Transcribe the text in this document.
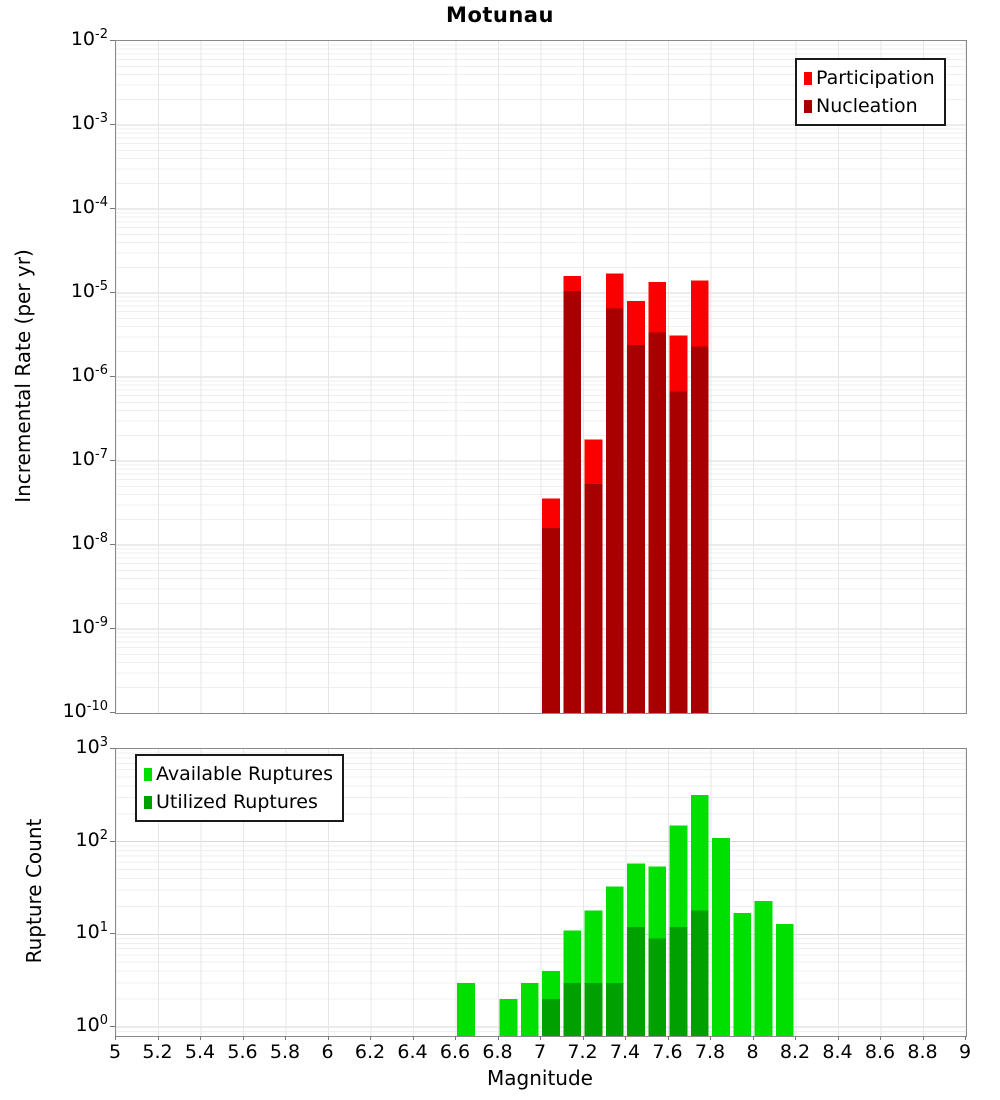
Motunau
Incremental Rate (per yr)
Participation
Nucleation
Rupture Count
Available Ruptures
Utilized Ruptures
Magnitude
$10^{-2}$
$10^{-3}$
$10^{-4}$
$10^{-5}$
$10^{-6}$
$10^{-7}$
$10^{-8}$
$10^{-9}$
$10^{-10}$
$10^3$
$10^2$
$10^1$
$10^0$
5	5.2 5.4 5.6 5.8	6	6.2 6.4 6.6 6.8	7	7.2 7.4 7.6 7.8	8	8.2 8.4 8.6 8.8	9
